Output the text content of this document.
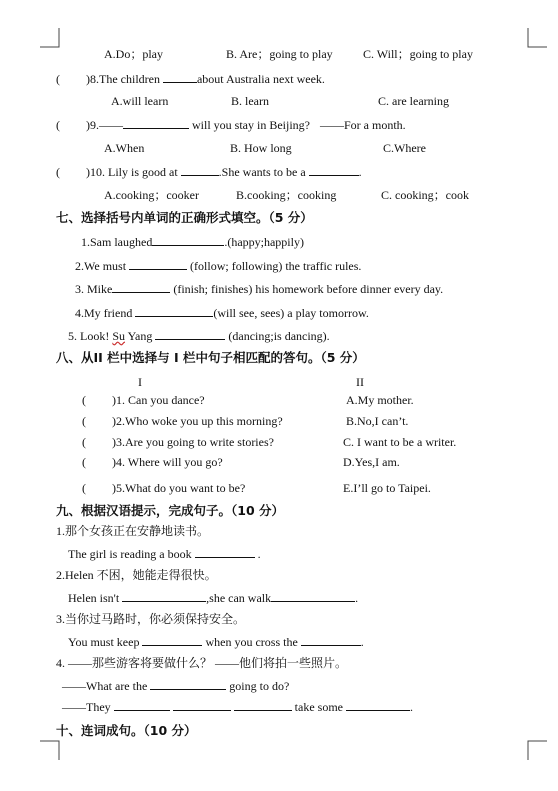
A.Do；play	B. Are；going to play	C. Will；going to play
( )8.The children	about Australia next week.
A.will learn	B. learn	C. are learning
( )9.——	will you stay in Beijing? ——For a month.
A.When	B. How long	C.Where
( )10. Lily is good at	.She wants to be a	.
A.cooking；cooker	B.cooking；cooking	C. cooking；cook
七、选择括号内单词的正确形式填空。（5 分）
1.Sam laughed	.(happy;happily)
2.We must	(follow; following) the traffic rules.
3. Mike	(finish; finishes) his homework before dinner every day.
4.My friend	(will see, sees) a play tomorrow.
5. Look! Su Yang	(dancing;is dancing).
八、从II 栏中选择与 I 栏中句子相匹配的答句。（5 分）
I	II
( )1. Can you dance?	A.My mother.
( )2.Who woke you up this morning?	B.No,I can’t.
( )3.Are you going to write stories?	C. I want to be a writer.
( )4. Where will you go?	D.Yes,I am.
( )5.What do you want to be?	E.I’ll go to Taipei.
九、根据汉语提示，完成句子。（10 分）
1.那个女孩正在安静地读书。
The girl is reading a book	.
2.Helen 不困，她能走得很快。
Helen isn't	,she can walk	.
3.当你过马路时，你必须保持安全。
You must keep	when you cross the	.
4. ——那些游客将要做什么？ ——他们将拍一些照片。
——What are the	going to do?
——They	take some	.
十、连词成句。（10 分）
